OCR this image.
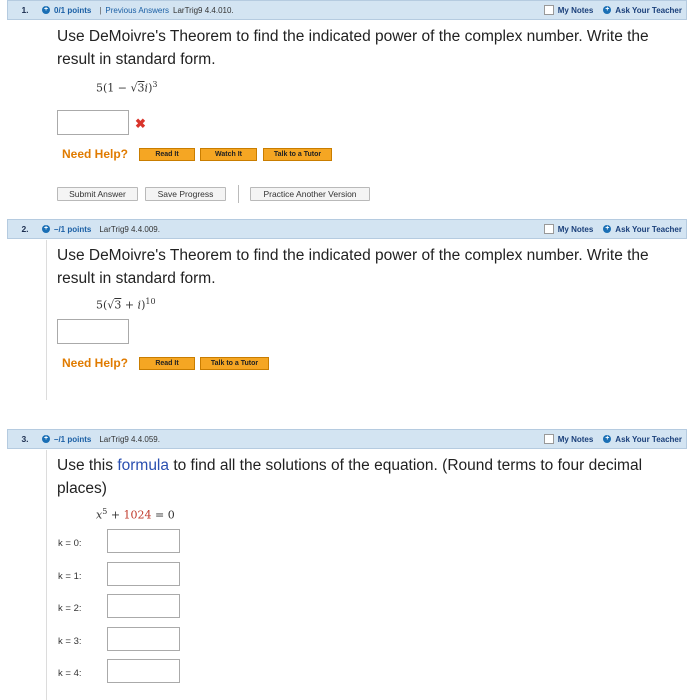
1.	+ 0/1 points | Previous Answers LarTrig9 4.4.010.	My Notes + Ask Your Teacher
Use DeMoivre's Theorem to find the indicated power of the complex number. Write the result in standard form.
$5(1 - √3i)^3$
✖
Need Help?	Read It	Watch It	Talk to a Tutor
Submit Answer	Save Progress	Practice Another Version
2.	+ –/1 points LarTrig9 4.4.009.	My Notes + Ask Your Teacher
Use DeMoivre's Theorem to find the indicated power of the complex number. Write the result in standard form.
$5(√3 + i)^{10}$
Need Help?	Read It	Talk to a Tutor
3.	+ –/1 points LarTrig9 4.4.059.	My Notes + Ask Your Teacher
Use this formula to find all the solutions of the equation. (Round terms to four decimal places)
$x^5 + 1024 = 0$
k = 0:
k = 1:
k = 2:
k = 3:
k = 4:
